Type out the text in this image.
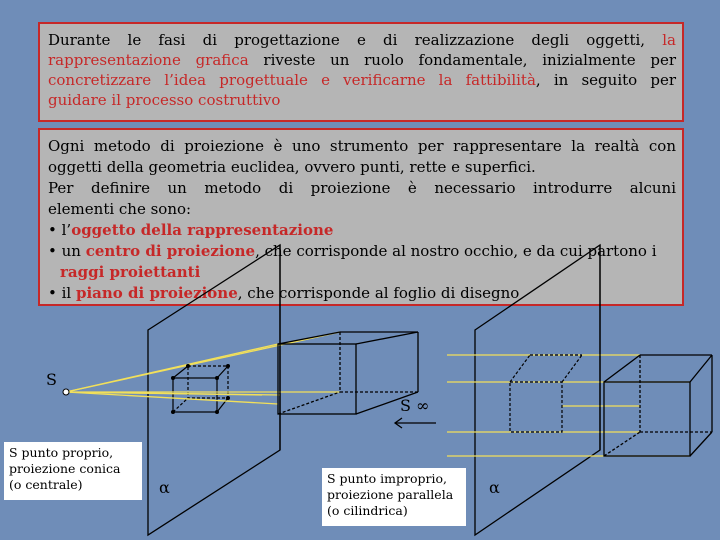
Durante le fasi di progettazione e di realizzazione degli oggetti, la
rappresentazione grafica riveste un ruolo fondamentale, inizialmente per
concretizzare l’idea progettuale e verificarne la fattibilità, in seguito per
guidare il processo costruttivo
Ogni metodo di proiezione è uno strumento per rappresentare la realtà con
oggetti della geometria euclidea, ovvero punti, rette e superfici.
Per definire un metodo di proiezione è necessario introdurre alcuni
elementi che sono:
• l’oggetto della rappresentazione
• un centro di proiezione, che corrisponde al nostro occhio, e da cui partono i
raggi proiettanti
• il piano di proiezione, che corrisponde al foglio di disegno
S
S ∞
α	α
S punto proprio,
proiezione conica
(o centrale)	S punto improprio,
proiezione parallela
(o cilindrica)
